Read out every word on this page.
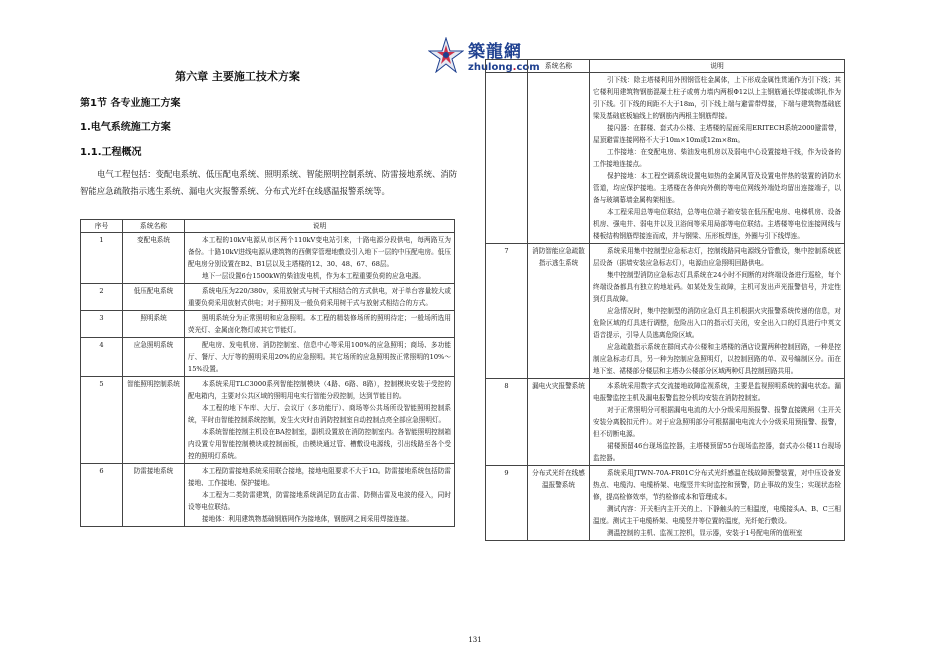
第六章 主要施工技术方案
第1节 各专业施工方案
1.电气系统施工方案
1.1.工程概况
电气工程包括：变配电系统、低压配电系统、照明系统、智能照明控制系统、防雷接地系统、消防智能应急疏散指示逃生系统、漏电火灾报警系统、分布式光纤在线感温报警系统等。
序号	系统名称	说明
1	变配电系统	本工程的10kV电源从市区两个110kV变电站引来，十路电源分段供电，每两路互为备份。十路10kV进线电源从建筑物的西侧穿管埋地敷设引入地下一层的中压配电房。低压配电房分别设置在B2、B1层以及主塔楼的12、30、48、67、68层。

地下一层设置6台1500kW的柴油发电机，作为本工程重要负荷的应急电源。

2	低压配电系统	系统电压为220/380v，采用放射式与树干式相结合的方式供电，对于单台容量较大或重要负荷采用放射式供电；对于照明及一般负荷采用树干式与放射式相结合的方式。

3	照明系统	照明系统分为正常照明和应急照明。本工程的精装修场所的照明待定；一般场所选用荧光灯、金属卤化物灯或其它节能灯。

4	应急照明系统	配电房、发电机房、消防控制室、信息中心等采用100%的应急照明；商场、多功能厅、餐厅、大厅等的照明采用20%的应急照明。其它场所的应急照明按正常照明的10%～15%设置。

5	智能照明控制系统	本系统采用TLC3000系列智能控制模块（4路、6路、8路），控制模块安装于受控的配电箱内，主要对公共区域的照明用电实行智能分段控制，达到节能目的。

本工程的地下车库、大厅、会议厅（多功能厅）、商场等公共场所设智能照明控制系统，平时由智能控制系统控制，发生火灾时由消防控制室自动控制点亮全部应急照明灯。

本系统智能控制主机设在BA控制室，副机设置放在消防控制室内。各智能照明控制箱内设置专用智能控制模块或控制面板，由模块通过管、槽敷设电源线，引出线路至各个受控的照明灯系统。

6	防雷接地系统	本工程防雷接地系统采用联合接地，接地电阻要求不大于1Ω。防雷接地系统包括防雷接地、工作接地、保护接地。

本工程为二类防雷建筑，防雷接地系统满足防直击雷、防侧击雷及电波的侵入，同时设等电位联结。

接地体：利用建筑物基础钢筋网作为接地体，钢筋网之间采用焊接连接。

築龍網
zhulong.com
	系统名称	说明

		引下线：除主塔楼利用外围钢管柱金属体，上下形成金属性贯通作为引下线；其它楼利用建筑物钢筋混凝土柱子或剪力墙内两根Φ12以上主钢筋通长焊接或绑扎作为引下线。引下线的间距不大于18m，引下线上端与避雷带焊接，下端与建筑物基础底梁及基础底板轴线上的钢筋内两根主钢筋焊接。

接闪器：在群楼、套式办公楼、主塔楼的屋面采用ERITECH系统2000避雷带，屋顶避雷连接网格不大于10m×10m或12m×8m。

工作接地：在变配电房、柴油发电机房以及弱电中心设置接地干线，作为设备的工作接地连接点。

保护接地：本工程空调系统设置电如热的金属风管及设置电伴热的装置的消防水管道，均应保护接地。主塔楼在各伸向外侧的等电位网线外端处均留出连接端子，以备与玻璃幕墙金属构架相连。

本工程采用总等电位联结，总等电位端子箱安装在低压配电房、电梯机房、设备机房、强电井、弱电井以及卫浴间等采用局部等电位联结。主塔楼等电位连接网线与楼板结构钢筋焊接连而成，并与钢梁、压形板焊连，外圈与引下线焊连。

7	消防智能应急疏散指示逃生系统	系统采用集中控制型应急标志灯，控制线路同电源线分管敷设，集中控制系统底层设备（据墙安装应急标志灯），电源由应急照明回路供电。

集中控制型消防应急标志灯具系统在24小时不间断的对终端设备进行巡检，每个终端设备都具有独立的地址码。如某处发生故障，主机可发出声光报警信号，并定性到灯具故障。

应急情况时，集中控制型的消防应急灯具主机根据火灾报警系统传递的信息，对危险区域的灯具进行调整，危险出入口的指示灯关闭，安全出入口的灯具进行中英文语音提示，引导人员逃离危险区域。

应急疏散指示系统在群间式办公楼和主塔楼的酒店设置两种控制回路，一种是控制应急标志灯具，另一种为控制应急照明灯，以控制回路的单、双号编制区分。而在地下室、裙楼部分楼层和主塔办公楼部分区域两种灯具控制回路共用。

8	漏电火灾报警系统	本系统采用数字式交流接地故障监视系统，主要是监视照明系统的漏电状态。漏电报警监控主机及漏电报警监控分机均安装在消防控制室。

对于正常照明分可根据漏电电流的大小分级采用预报警、报警直接跳闸（主开关安装分离脱扣元件）。对于应急照明部分可根据漏电电流大小分级采用预报警、报警，但不切断电源。

裙楼预留46台现场监控器，主塔楼预留55台现场监控器，套式办公楼11台现场监控器。

9	分布式光纤在线感温报警系统	系统采用JTWN-70A-FR01C分布式光纤感温在线故障预警装置，对中压设备发热点、电缆沟、电缆桥架、电缆竖井实时监控和预警，防止事故的发生；实现状态检修，提高检修效率，节约检修成本和管理成本。

测试内容：开关柜内主开关的上、下静触头的三相温度，电缆接头A、B、C三相温度。测试主干电缆桥架、电缆竖井等位置的温度，光纤蛇行敷设。

测温控制的主机、监视工控机，显示器，安装于1号配电所的值班室

131
